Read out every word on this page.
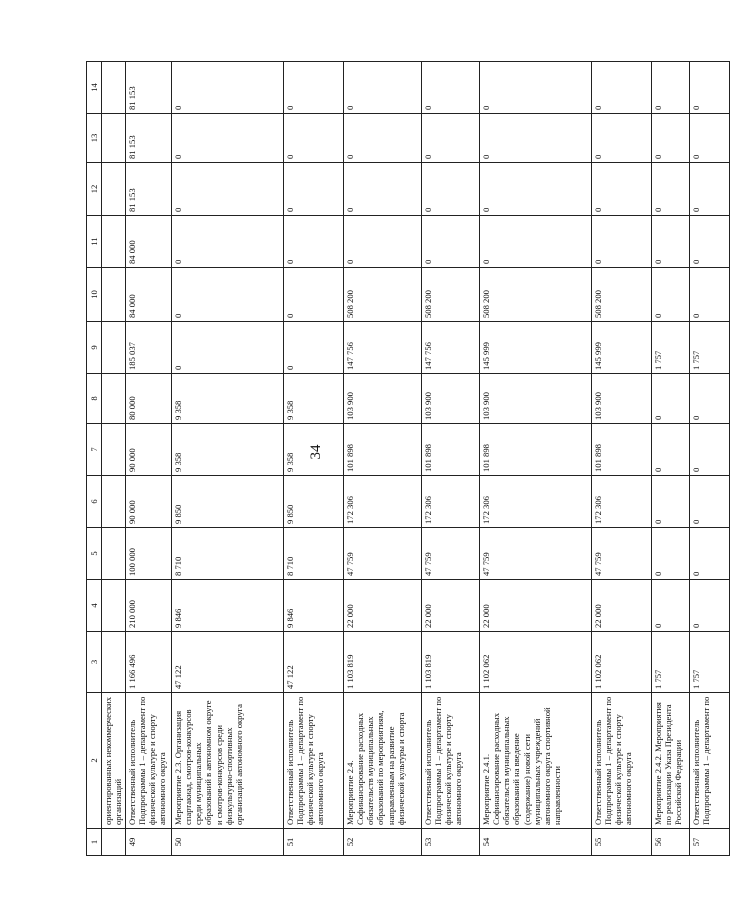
34
1	2	3	4	5	6	7	8	9	10	11	12	13	14
	ориентированных некоммерческих организаций												
49	Ответственный исполнитель Подпрограммы 1 – департамент по физической культуре и спорту автономного округа	1 166 496	210 000	100 000	90 000	90 000	80 000	185 037	84 000	84 000	81 153	81 153	81 153
50	Мероприятие 2.3. Организация спартакиад, смотров-конкурсов среди муниципальных образований в автономном округе и смотров-конкурсов среди физкультурно-спортивных организаций автономного округа	47 122	9 846	8 710	9 850	9 358	9 358	0	0	0	0	0	0
51	Ответственный исполнитель Подпрограммы 1 – департамент по физической культуре и спорту автономного округа	47 122	9 846	8 710	9 850	9 358	9 358	0	0	0	0	0	0
52	Мероприятие 2.4. Софинансирование расходных обязательств муниципальных образований по мероприятиям, направленным на развитие физической культуры и спорта	1 103 819	22 000	47 759	172 306	101 898	103 900	147 756	508 200	0	0	0	0
53	Ответственный исполнитель Подпрограммы 1 – департамент по физической культуре и спорту автономного округа	1 103 819	22 000	47 759	172 306	101 898	103 900	147 756	508 200	0	0	0	0
54	Мероприятие 2.4.1. Софинансирование расходных обязательств муниципальных образований на введение (содержание) новой сети муниципальных учреждений автономного округа спортивной направленности	1 102 062	22 000	47 759	172 306	101 898	103 900	145 999	508 200	0	0	0	0
55	Ответственный исполнитель Подпрограммы 1 – департамент по физической культуре и спорту автономного округа	1 102 062	22 000	47 759	172 306	101 898	103 900	145 999	508 200	0	0	0	0
56	Мероприятие 2.4.2. Мероприятия по реализации Указа Президента Российской Федерации	1 757	0	0	0	0	0	1 757	0	0	0	0	0
57	Ответственный исполнитель Подпрограммы 1 – департамент по	1 757	0	0	0	0	0	1 757	0	0	0	0	0
